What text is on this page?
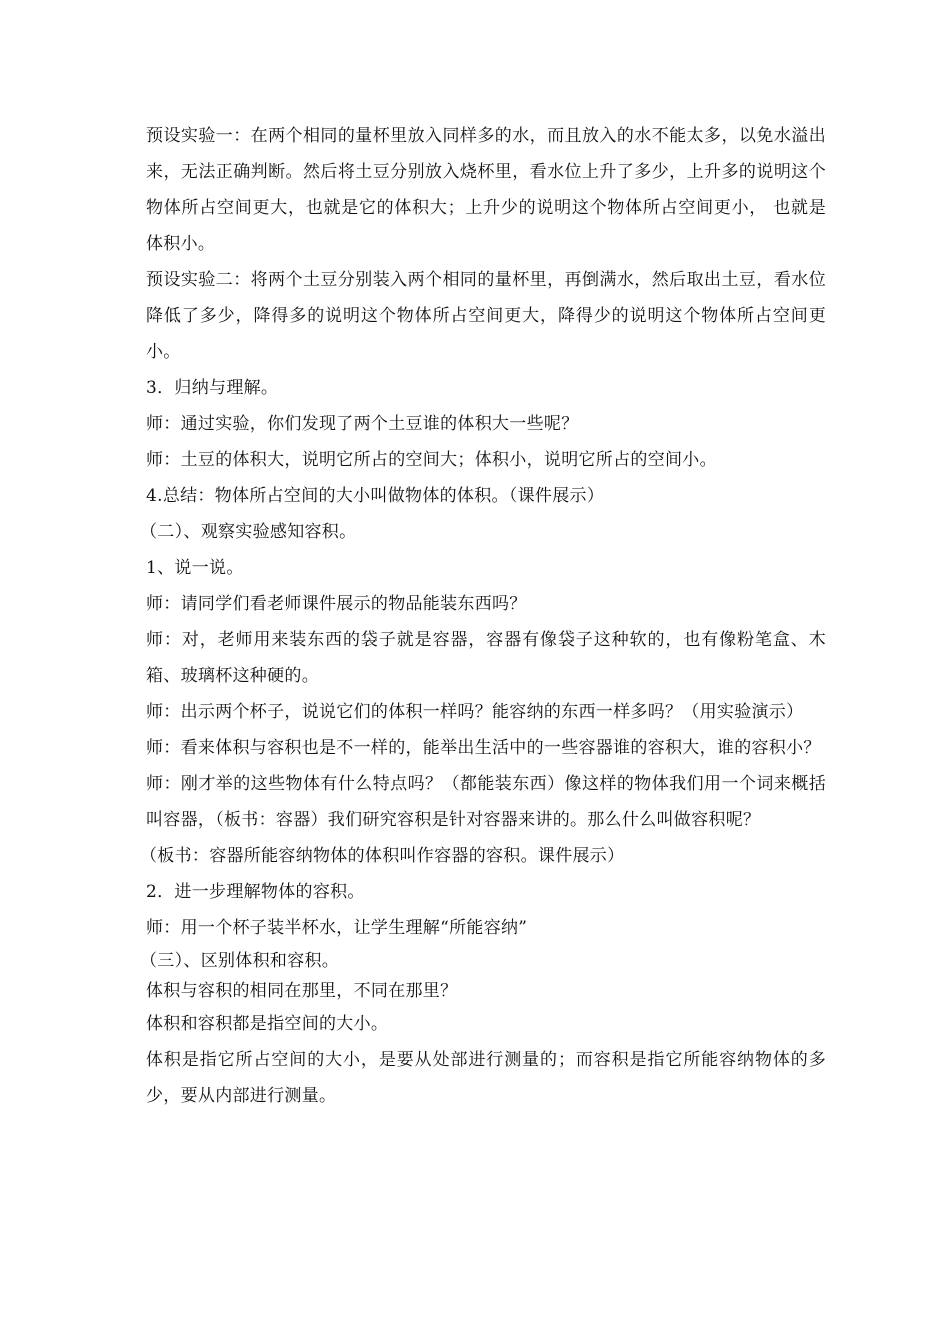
预设实验一：在两个相同的量杯里放入同样多的水，而且放入的水不能太多，以免水溢出来，无法正确判断。然后将土豆分别放入烧杯里，看水位上升了多少，上升多的说明这个物体所占空间更大，也就是它的体积大；上升少的说明这个物体所占空间更小， 也就是体积小。

预设实验二：将两个土豆分别装入两个相同的量杯里，再倒满水，然后取出土豆，看水位降低了多少，降得多的说明这个物体所占空间更大，降得少的说明这个物体所占空间更小。

3．归纳与理解。

师：通过实验，你们发现了两个土豆谁的体积大一些呢？

师：土豆的体积大，说明它所占的空间大；体积小，说明它所占的空间小。

4.总结：物体所占空间的大小叫做物体的体积。（课件展示）

（二）、观察实验感知容积。

1、说一说。

师：请同学们看老师课件展示的物品能装东西吗？

师：对，老师用来装东西的袋子就是容器，容器有像袋子这种软的，也有像粉笔盒、木箱、玻璃杯这种硬的。

师：出示两个杯子，说说它们的体积一样吗？能容纳的东西一样多吗？（用实验演示）

师：看来体积与容积也是不一样的，能举出生活中的一些容器谁的容积大，谁的容积小？

师：刚才举的这些物体有什么特点吗？（都能装东西）像这样的物体我们用一个词来概括叫容器，（板书：容器）我们研究容积是针对容器来讲的。那么什么叫做容积呢？

（板书：容器所能容纳物体的体积叫作容器的容积。课件展示）

2．进一步理解物体的容积。

师：用一个杯子装半杯水，让学生理解“所能容纳”

（三）、区别体积和容积。

体积与容积的相同在那里，不同在那里？

体积和容积都是指空间的大小。

体积是指它所占空间的大小，是要从处部进行测量的；而容积是指它所能容纳物体的多少，要从内部进行测量。
